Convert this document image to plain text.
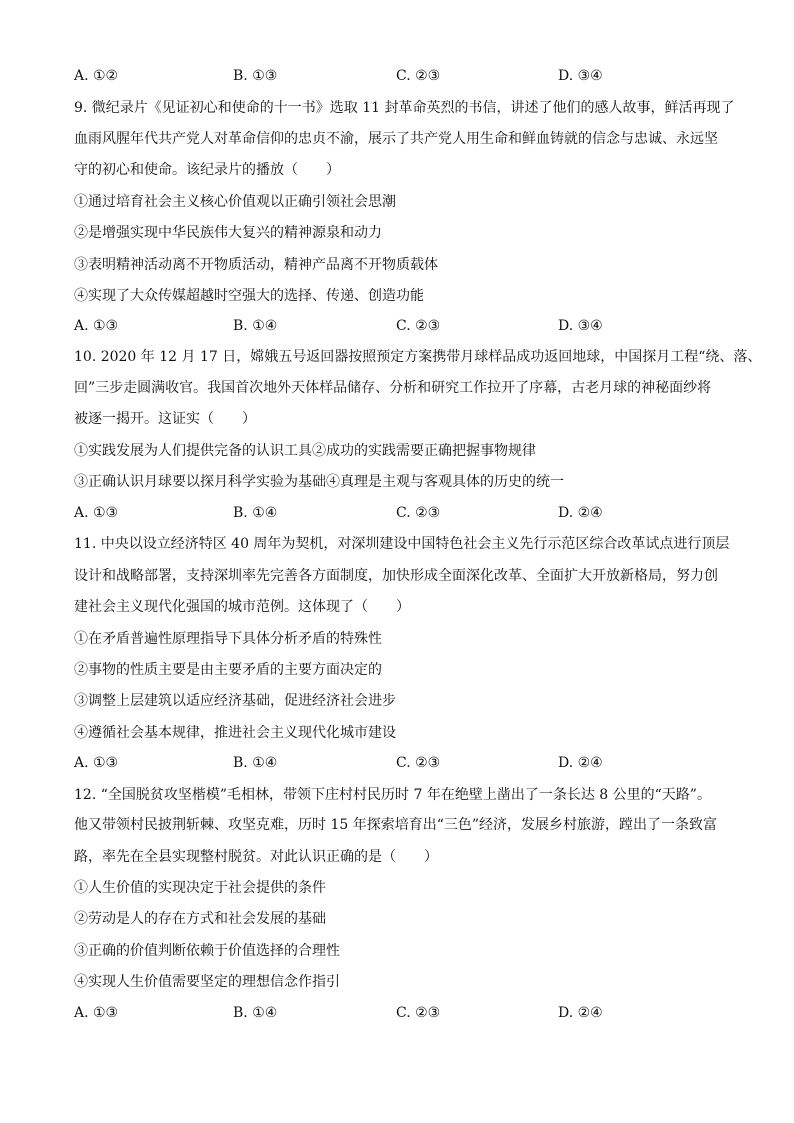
A. ①②	B. ①③	C. ②③	D. ③④
9. 微纪录片《见证初心和使命的十一书》选取 11 封革命英烈的书信，讲述了他们的感人故事，鲜活再现了
血雨风腥年代共产党人对革命信仰的忠贞不渝，展示了共产党人用生命和鲜血铸就的信念与忠诚、永远坚
守的初心和使命。该纪录片的播放（　　）
①通过培育社会主义核心价值观以正确引领社会思潮
②是增强实现中华民族伟大复兴的精神源泉和动力
③表明精神活动离不开物质活动，精神产品离不开物质载体
④实现了大众传媒超越时空强大的选择、传递、创造功能
A. ①③	B. ①④	C. ②③	D. ③④
10. 2020 年 12 月 17 日，嫦娥五号返回器按照预定方案携带月球样品成功返回地球，中国探月工程“绕、落、
回”三步走圆满收官。我国首次地外天体样品储存、分析和研究工作拉开了序幕，古老月球的神秘面纱将
被逐一揭开。这证实（　　）
①实践发展为人们提供完备的认识工具②成功的实践需要正确把握事物规律
③正确认识月球要以探月科学实验为基础④真理是主观与客观具体的历史的统一
A. ①③	B. ①④	C. ②③	D. ②④
11. 中央以设立经济特区 40 周年为契机，对深圳建设中国特色社会主义先行示范区综合改革试点进行顶层
设计和战略部署，支持深圳率先完善各方面制度，加快形成全面深化改革、全面扩大开放新格局，努力创
建社会主义现代化强国的城市范例。这体现了（　　）
①在矛盾普遍性原理指导下具体分析矛盾的特殊性
②事物的性质主要是由主要矛盾的主要方面决定的
③调整上层建筑以适应经济基础，促进经济社会进步
④遵循社会基本规律，推进社会主义现代化城市建设
A. ①③	B. ①④	C. ②③	D. ②④
12. “全国脱贫攻坚楷模”毛相林，带领下庄村村民历时 7 年在绝壁上凿出了一条长达 8 公里的“天路”。
他又带领村民披荆斩棘、攻坚克难，历时 15 年探索培育出“三色”经济，发展乡村旅游，蹚出了一条致富
路，率先在全县实现整村脱贫。对此认识正确的是（　　）
①人生价值的实现决定于社会提供的条件
②劳动是人的存在方式和社会发展的基础
③正确的价值判断依赖于价值选择的合理性
④实现人生价值需要坚定的理想信念作指引
A. ①③	B. ①④	C. ②③	D. ②④
